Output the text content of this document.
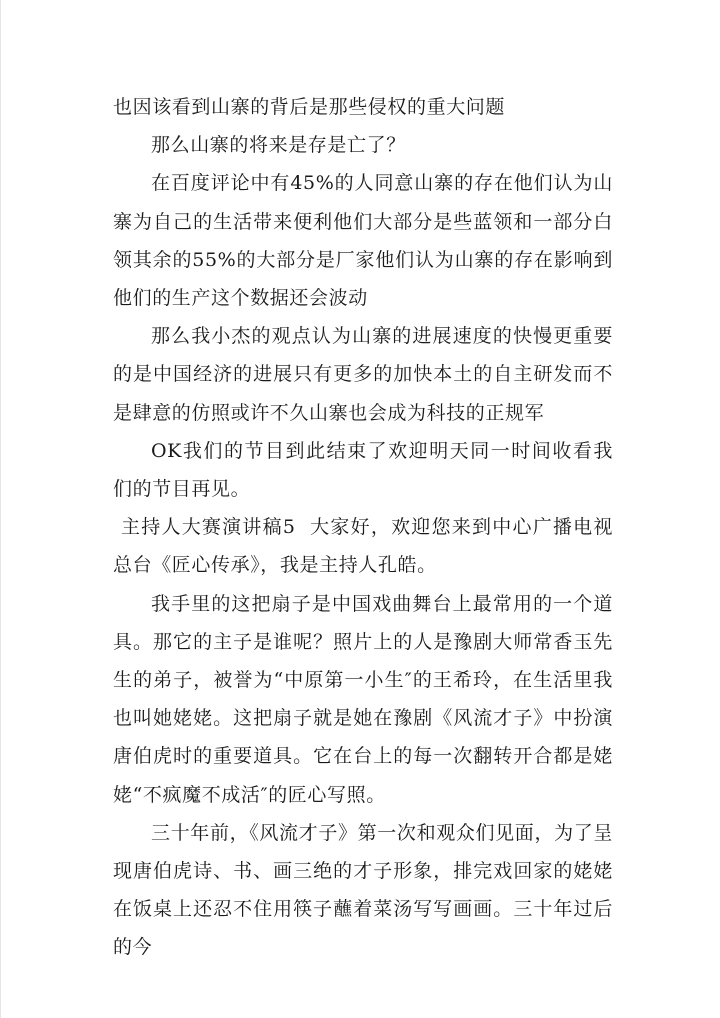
也因该看到山寨的背后是那些侵权的重大问题

那么山寨的将来是存是亡了？

在百度评论中有45%的人同意山寨的存在他们认为山寨为自己的生活带来便利他们大部分是些蓝领和一部分白领其余的55%的大部分是厂家他们认为山寨的存在影响到他们的生产这个数据还会波动

那么我小杰的观点认为山寨的进展速度的快慢更重要的是中国经济的进展只有更多的加快本土的自主研发而不是肆意的仿照或许不久山寨也会成为科技的正规军

OK我们的节目到此结束了欢迎明天同一时间收看我们的节目再见。

主持人大赛演讲稿5 大家好，欢迎您来到中心广播电视总台《匠心传承》，我是主持人孔皓。

我手里的这把扇子是中国戏曲舞台上最常用的一个道具。那它的主子是谁呢？照片上的人是豫剧大师常香玉先生的弟子，被誉为“中原第一小生″的王希玲，在生活里我也叫她姥姥。这把扇子就是她在豫剧《风流才子》中扮演唐伯虎时的重要道具。它在台上的每一次翻转开合都是姥姥“不疯魔不成活″的匠心写照。

三十年前，《风流才子》第一次和观众们见面，为了呈现唐伯虎诗、书、画三绝的才子形象，排完戏回家的姥姥在饭桌上还忍不住用筷子蘸着菜汤写写画画。三十年过后的今
